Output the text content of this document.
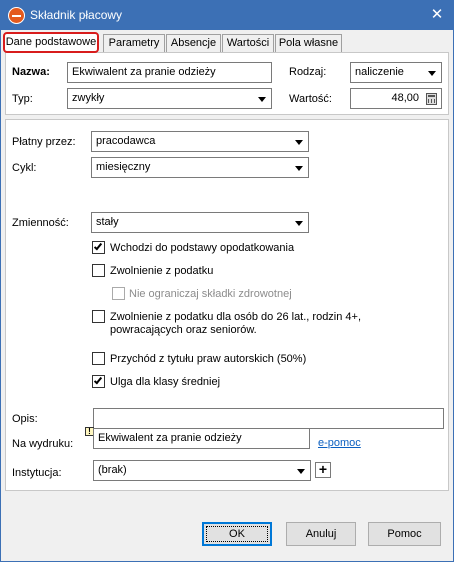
Składnik płacowy	✕
Dane podstawowe	Parametry	Absencje Wartości Pola własne
Nazwa:	Ekwiwalent za pranie odzieży	Rodzaj:	naliczenie
Typ:	zwykły	Wartość:	48,00
Płatny przez:	pracodawca
Cykl:	miesięczny
Zmienność:	stały
Wchodzi do podstawy opodatkowania
Zwolnienie z podatku
Nie ograniczaj składki zdrowotnej
Zwolnienie z podatku dla osób do 26 lat., rodzin 4+,
powracających oraz seniorów.
Przychód z tytułu praw autorskich (50%)
Ulga dla klasy średniej
Opis:
Na wydruku:
!
Ekwiwalent za pranie odzieży	e-pomoc
Instytucja:	(brak)	+
OK	Anuluj	Pomoc
